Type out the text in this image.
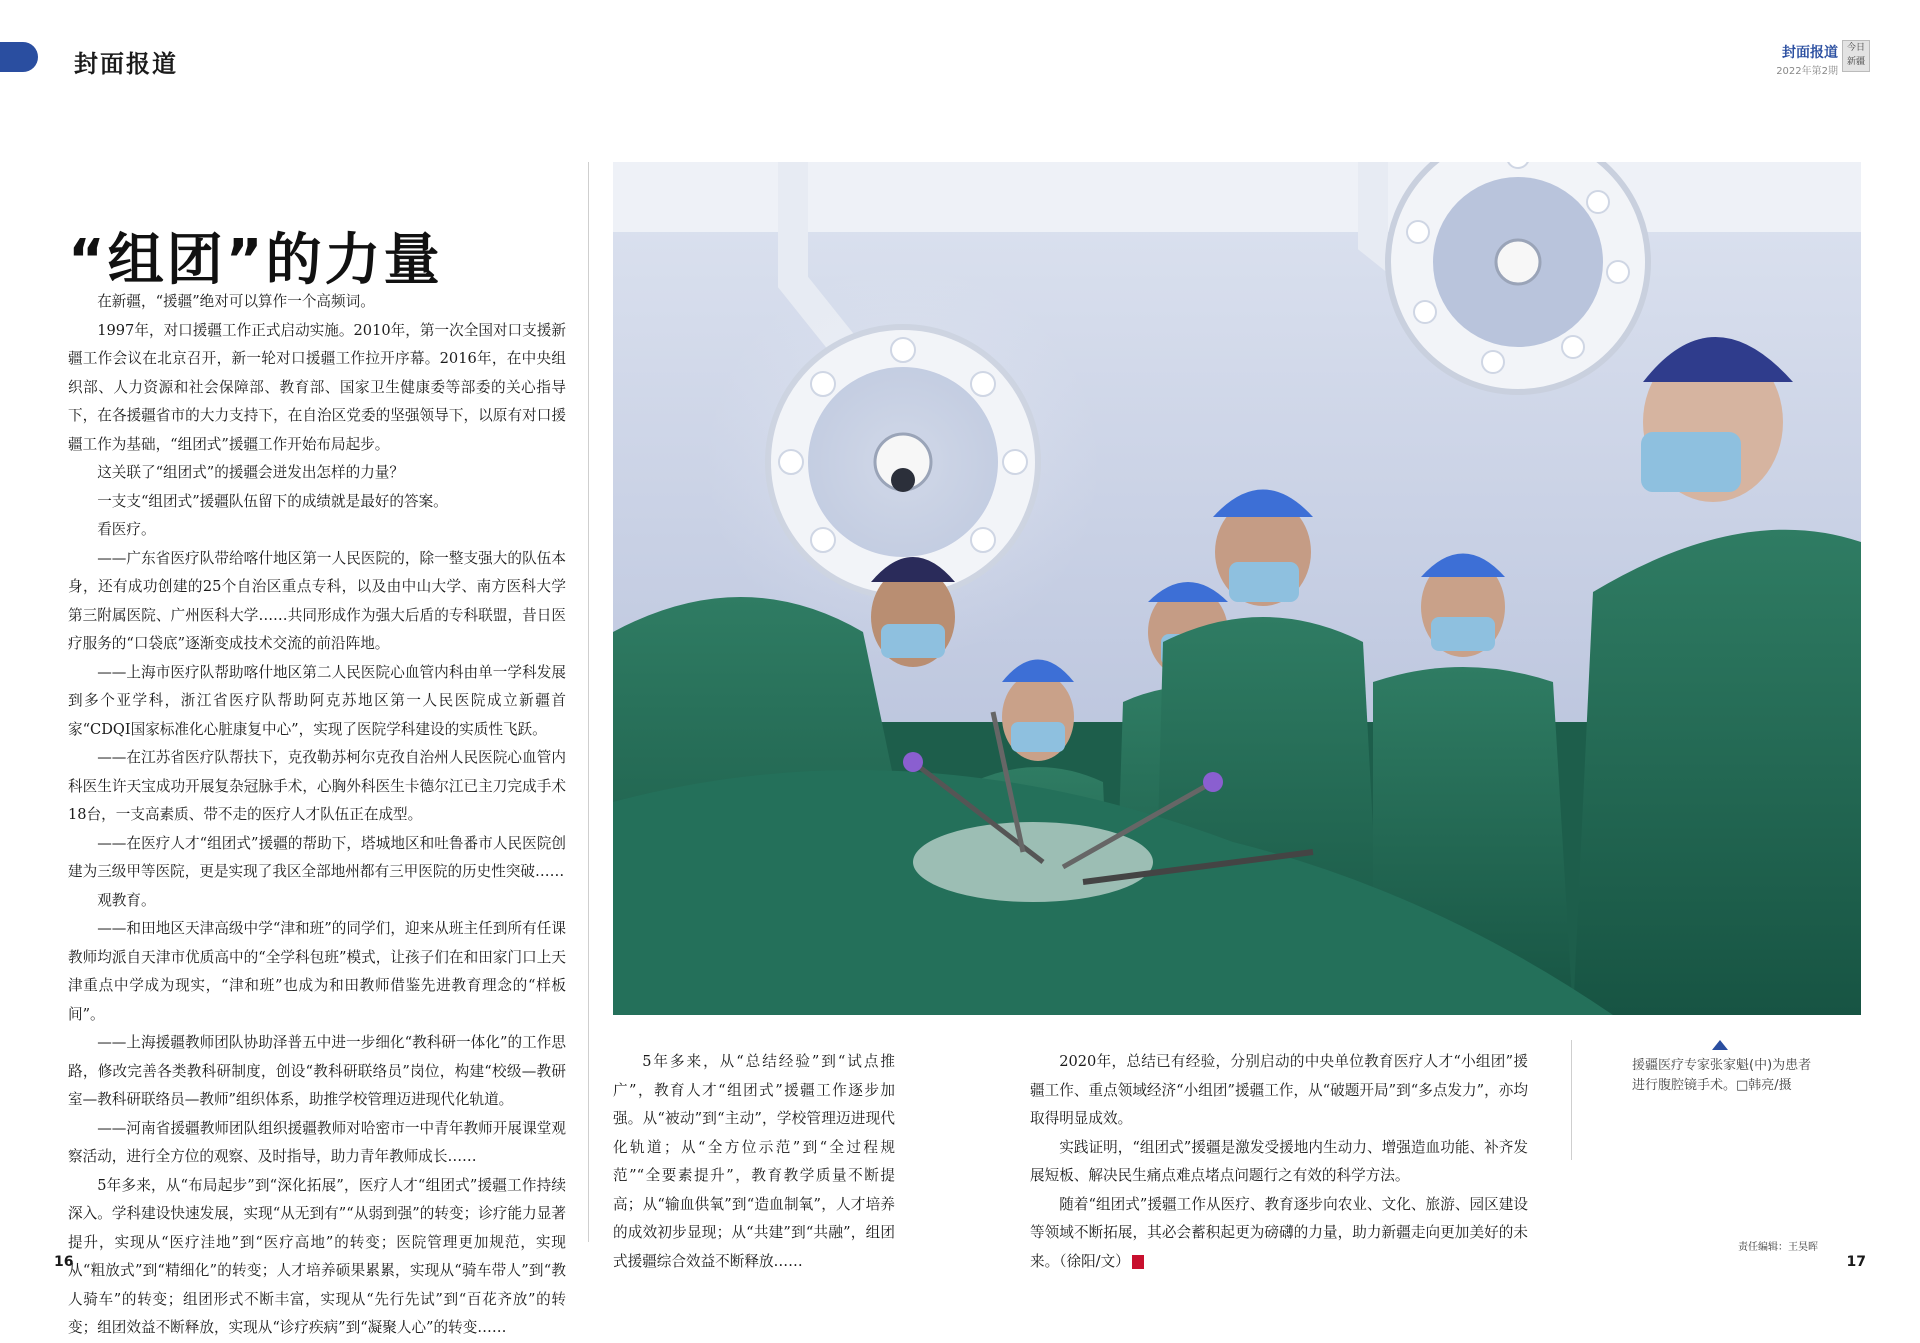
封面报道
“组团”的力量

在新疆，“援疆”绝对可以算作一个高频词。

1997年，对口援疆工作正式启动实施。2010年，第一次全国对口支援新疆工作会议在北京召开，新一轮对口援疆工作拉开序幕。2016年，在中央组织部、人力资源和社会保障部、教育部、国家卫生健康委等部委的关心指导下，在各援疆省市的大力支持下，在自治区党委的坚强领导下，以原有对口援疆工作为基础，“组团式”援疆工作开始布局起步。

这关联了“组团式”的援疆会迸发出怎样的力量？

一支支“组团式”援疆队伍留下的成绩就是最好的答案。

看医疗。

——广东省医疗队带给喀什地区第一人民医院的，除一整支强大的队伍本身，还有成功创建的25个自治区重点专科，以及由中山大学、南方医科大学第三附属医院、广州医科大学……共同形成作为强大后盾的专科联盟，昔日医疗服务的“口袋底”逐渐变成技术交流的前沿阵地。

——上海市医疗队帮助喀什地区第二人民医院心血管内科由单一学科发展到多个亚学科，浙江省医疗队帮助阿克苏地区第一人民医院成立新疆首家“CDQI国家标准化心脏康复中心”，实现了医院学科建设的实质性飞跃。

——在江苏省医疗队帮扶下，克孜勒苏柯尔克孜自治州人民医院心血管内科医生许天宝成功开展复杂冠脉手术，心胸外科医生卡德尔江已主刀完成手术18台，一支高素质、带不走的医疗人才队伍正在成型。

——在医疗人才“组团式”援疆的帮助下，塔城地区和吐鲁番市人民医院创建为三级甲等医院，更是实现了我区全部地州都有三甲医院的历史性突破……

观教育。

——和田地区天津高级中学“津和班”的同学们，迎来从班主任到所有任课教师均派自天津市优质高中的“全学科包班”模式，让孩子们在和田家门口上天津重点中学成为现实，“津和班”也成为和田教师借鉴先进教育理念的“样板间”。

——上海援疆教师团队协助泽普五中进一步细化“教科研一体化”的工作思路，修改完善各类教科研制度，创设“教科研联络员”岗位，构建“校级—教研室—教科研联络员—教师”组织体系，助推学校管理迈进现代化轨道。

——河南省援疆教师团队组织援疆教师对哈密市一中青年教师开展课堂观察活动，进行全方位的观察、及时指导，助力青年教师成长……

5年多来，从“布局起步”到“深化拓展”，医疗人才“组团式”援疆工作持续深入。学科建设快速发展，实现“从无到有”“从弱到强”的转变；诊疗能力显著提升，实现从“医疗洼地”到“医疗高地”的转变；医院管理更加规范，实现从“粗放式”到“精细化”的转变；人才培养硕果累累，实现从“骑车带人”到“教人骑车”的转变；组团形式不断丰富，实现从“先行先试”到“百花齐放”的转变；组团效益不断释放，实现从“诊疗疾病”到“凝聚人心”的转变……

16
封面报道
2022年第2期
今日新疆
17
责任编辑：王昊晖

5年多来，从“总结经验”到“试点推广”，教育人才“组团式”援疆工作逐步加强。从“被动”到“主动”，学校管理迈进现代化轨道；从“全方位示范”到“全过程规范”“全要素提升”，教育教学质量不断提高；从“输血供氧”到“造血制氧”，人才培养的成效初步显现；从“共建”到“共融”，组团式援疆综合效益不断释放……

2020年，总结已有经验，分别启动的中央单位教育医疗人才“小组团”援疆工作、重点领域经济“小组团”援疆工作，从“破题开局”到“多点发力”，亦均取得明显成效。

实践证明，“组团式”援疆是激发受援地内生动力、增强造血功能、补齐发展短板、解决民生痛点难点堵点问题行之有效的科学方法。

随着“组团式”援疆工作从医疗、教育逐步向农业、文化、旅游、园区建设等领域不断拓展，其必会蓄积起更为磅礴的力量，助力新疆走向更加美好的未来。（徐阳/文）

援疆医疗专家张家魁(中)为患者进行腹腔镜手术。□韩亮/摄
